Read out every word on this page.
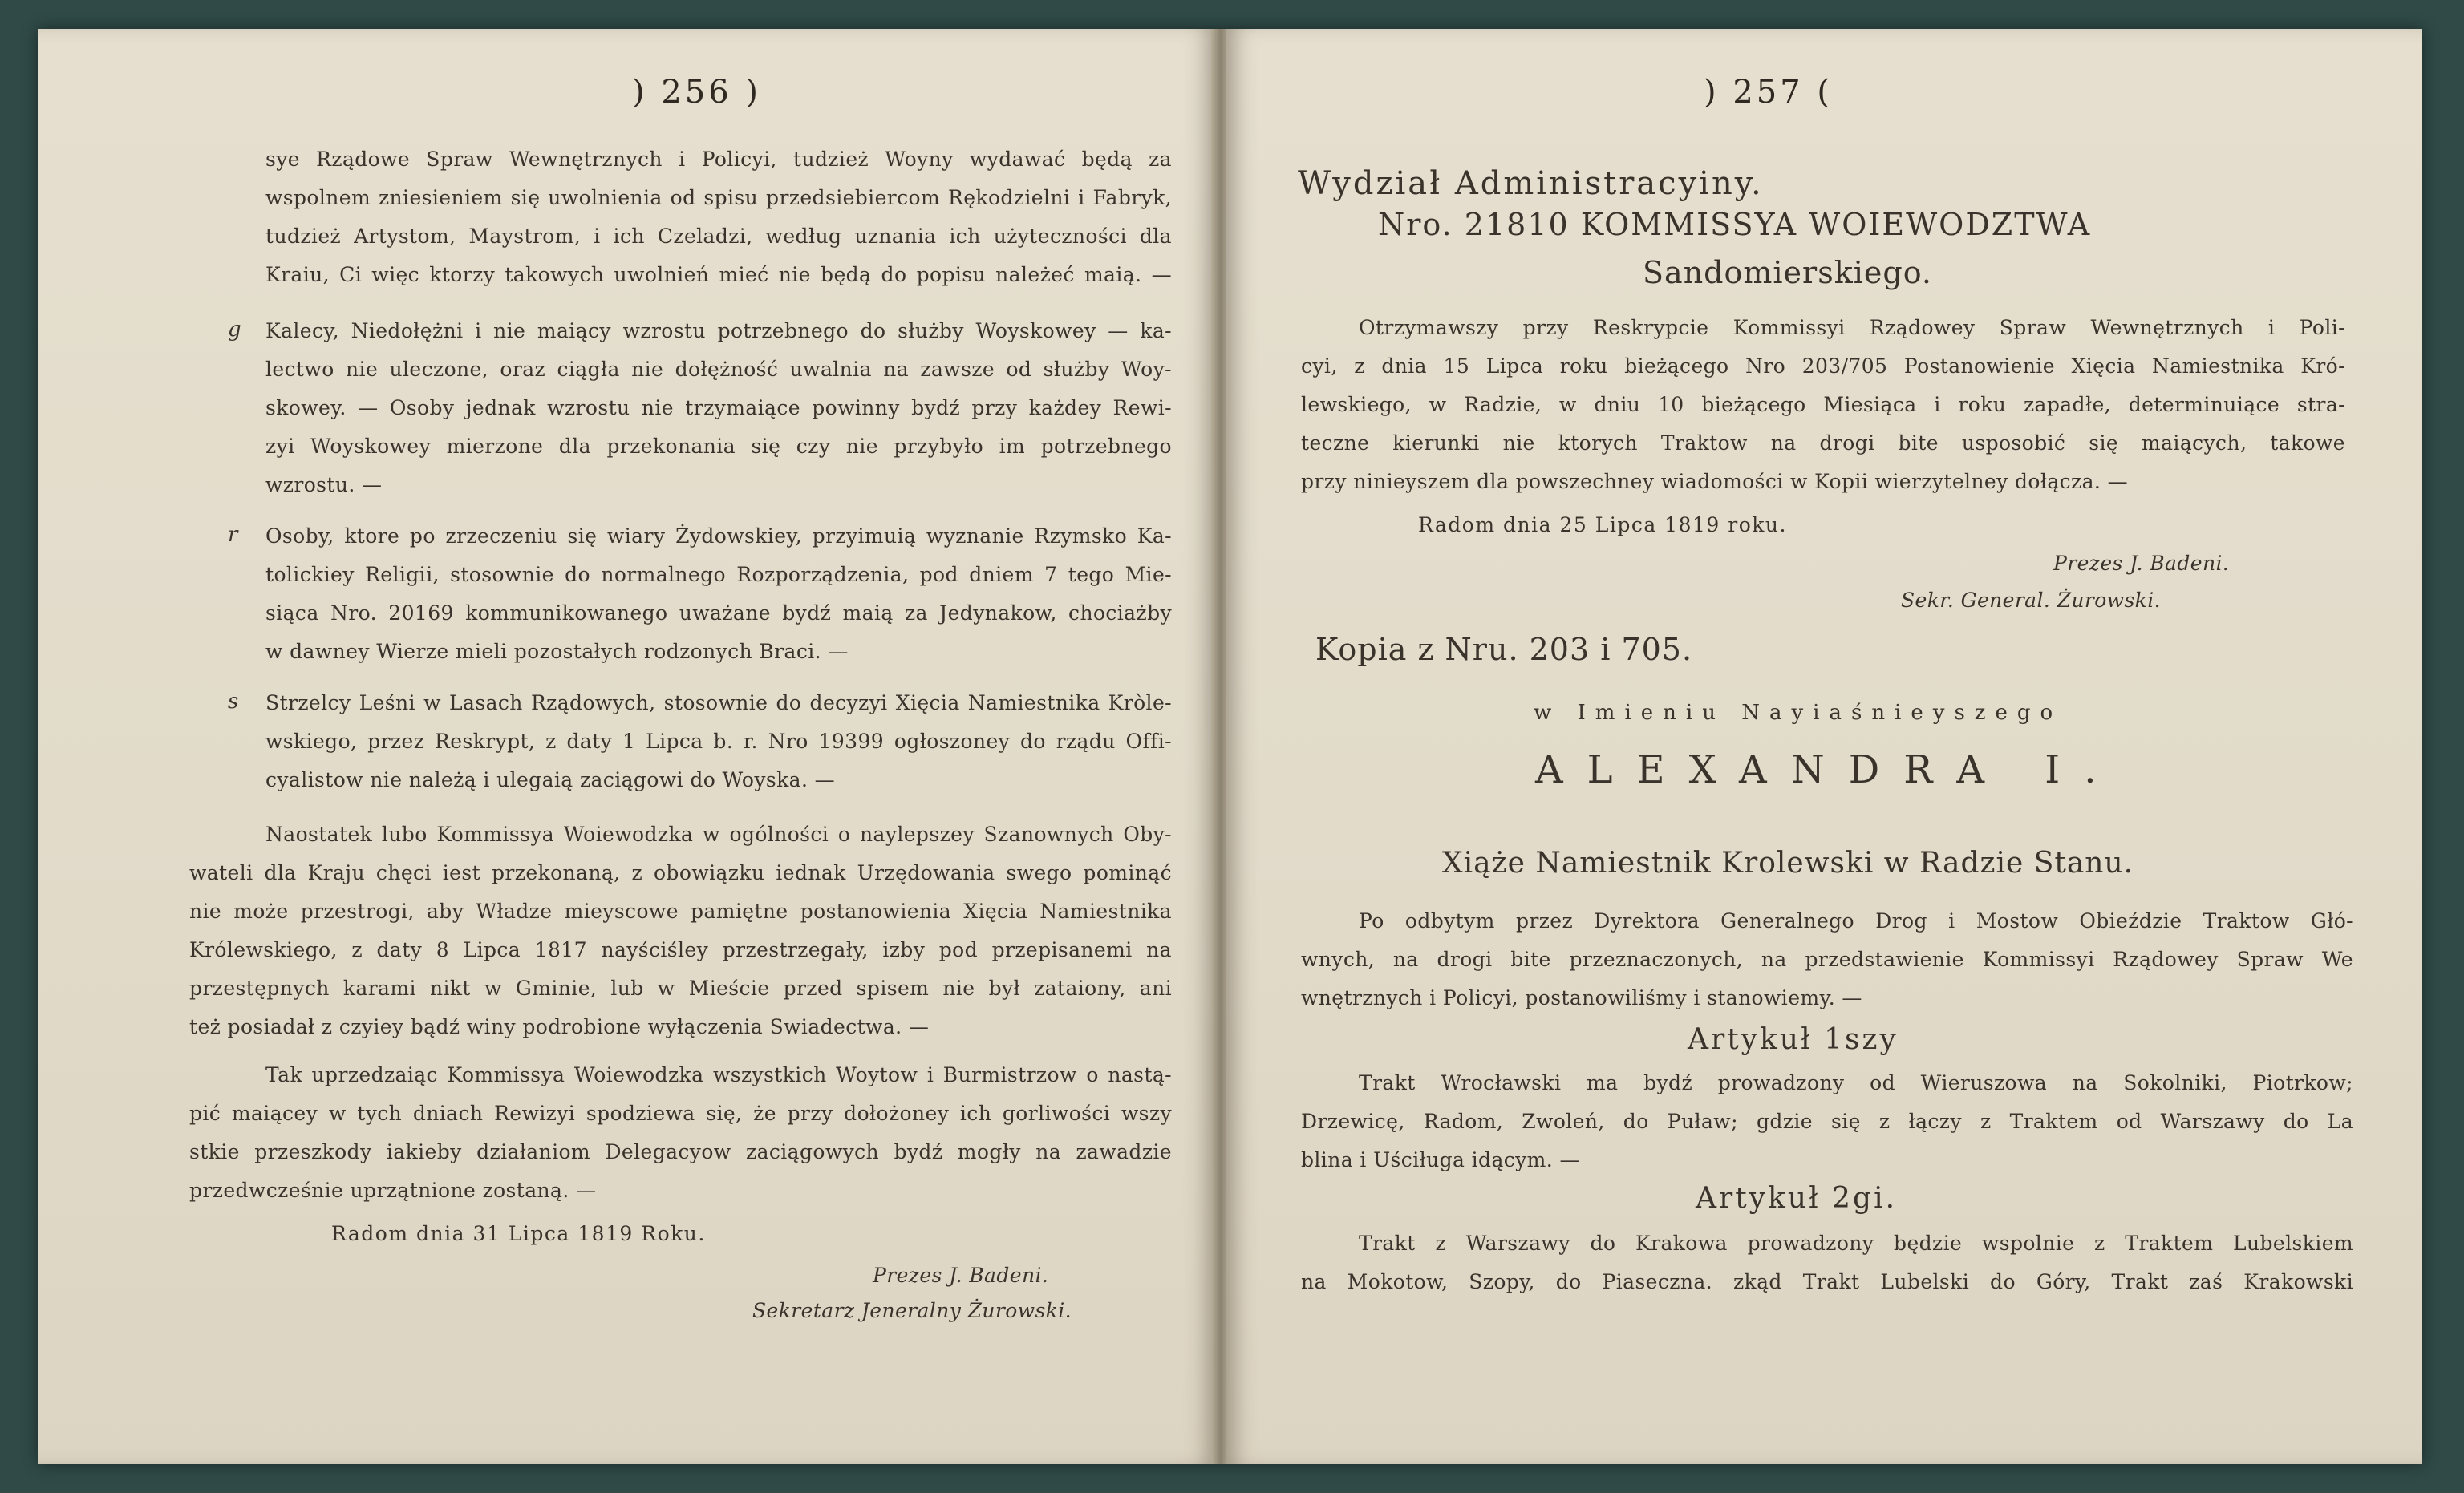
) 256 )
sye Rządowe Spraw Wewnętrznych i Policyi, tudzież Woyny wydawać będą za
wspolnem zniesieniem się uwolnienia od spisu przedsiebiercom Rękodzielni i Fabryk,
tudzież Artystom, Maystrom, i ich Czeladzi, według uznania ich użyteczności dla
Kraiu, Ci więc ktorzy takowych uwolnień mieć nie będą do popisu należeć maią. —
g Kalecy, Niedołężni i nie maiący wzrostu potrzebnego do służby Woyskowey — ka-
lectwo nie uleczone, oraz ciągła nie dołężność uwalnia na zawsze od służby Woy-
skowey. — Osoby jednak wzrostu nie trzymaiące powinny bydź przy każdey Rewi-
zyi Woyskowey mierzone dla przekonania się czy nie przybyło im potrzebnego
wzrostu. —
r Osoby, ktore po zrzeczeniu się wiary Żydowskiey, przyimuią wyznanie Rzymsko Ka-
tolickiey Religii, stosownie do normalnego Rozporządzenia, pod dniem 7 tego Mie-
siąca Nro. 20169 kommunikowanego uważane bydź maią za Jedynakow, chociażby
w dawney Wierze mieli pozostałych rodzonych Braci. —
s Strzelcy Leśni w Lasach Rządowych, stosownie do decyzyi Xięcia Namiestnika Kròle-
wskiego, przez Reskrypt, z daty 1 Lipca b. r. Nro 19399 ogłoszoney do rządu Offi-
cyalistow nie należą i ulegaią zaciągowi do Woyska. —
Naostatek lubo Kommissya Woiewodzka w ogólności o naylepszey Szanownych Oby-
wateli dla Kraju chęci iest przekonaną, z obowiązku iednak Urzędowania swego pominąć
nie może przestrogi, aby Władze mieyscowe pamiętne postanowienia Xięcia Namiestnika
Królewskiego, z daty 8 Lipca 1817 nayściśley przestrzegały, izby pod przepisanemi na
przestępnych karami nikt w Gminie, lub w Mieście przed spisem nie był zataiony, ani
też posiadał z czyiey bądź winy podrobione wyłączenia Swiadectwa. —
Tak uprzedzaiąc Kommissya Woiewodzka wszystkich Woytow i Burmistrzow o nastą-
pić maiącey w tych dniach Rewizyi spodziewa się, że przy dołożoney ich gorliwości wszy
stkie przeszkody iakieby działaniom Delegacyow zaciągowych bydź mogły na zawadzie
przedwcześnie uprzątnione zostaną. —
Radom dnia 31 Lipca 1819 Roku.
Prezes J. Badeni.
Sekretarz Jeneralny Żurowski.
) 257 (
Wydział Administracyiny.
Nro. 21810 KOMMISSYA WOIEWODZTWA
Sandomierskiego.
Otrzymawszy przy Reskrypcie Kommissyi Rządowey Spraw Wewnętrznych i Poli-
cyi, z dnia 15 Lipca roku bieżącego Nro 203/705 Postanowienie Xięcia Namiestnika Kró-
lewskiego, w Radzie, w dniu 10 bieżącego Miesiąca i roku zapadłe, determinuiące stra-
teczne kierunki nie ktorych Traktow na drogi bite usposobić się maiących, takowe
przy ninieyszem dla powszechney wiadomości w Kopii wierzytelney dołącza. —
Radom dnia 25 Lipca 1819 roku.
Prezes J. Badeni.
Sekr. General. Żurowski.
Kopia z Nru. 203 i 705.
w Imieniu Nayiaśnieyszego
ALEXANDRA I.
Xiąże Namiestnik Krolewski w Radzie Stanu.
Po odbytym przez Dyrektora Generalnego Drog i Mostow Obieździe Traktow Głó-
wnych, na drogi bite przeznaczonych, na przedstawienie Kommissyi Rządowey Spraw We
wnętrznych i Policyi, postanowiliśmy i stanowiemy. —
Artykuł 1szy
Trakt Wrocławski ma bydź prowadzony od Wieruszowa na Sokolniki, Piotrkow;
Drzewicę, Radom, Zwoleń, do Puław; gdzie się z łączy z Traktem od Warszawy do La
blina i Uściługa idącym. —
Artykuł 2gi.
Trakt z Warszawy do Krakowa prowadzony będzie wspolnie z Traktem Lubelskiem
na Mokotow, Szopy, do Piaseczna. zkąd Trakt Lubelski do Góry, Trakt zaś Krakowski
